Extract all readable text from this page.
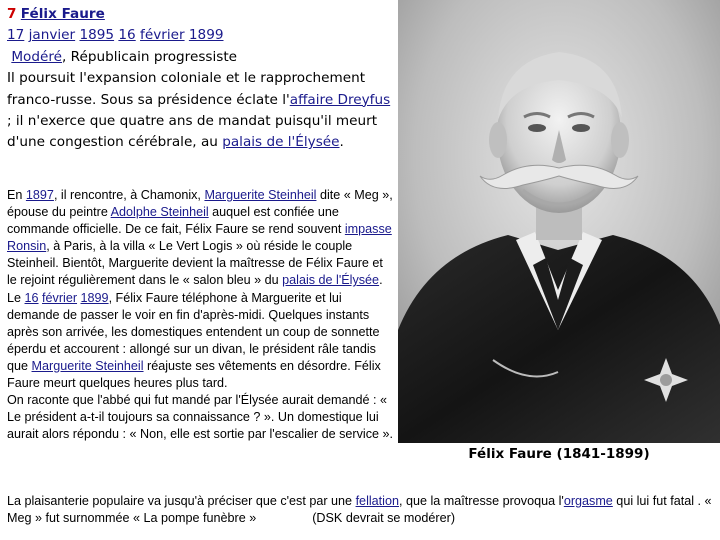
7 Félix Faure

17 janvier 1895 16 février 1899

Modéré, Républicain progressiste

Il poursuit l'expansion coloniale et le rapprochement franco-russe. Sous sa présidence éclate l'affaire Dreyfus ; il n'exerce que quatre ans de mandat puisqu'il meurt d'une congestion cérébrale, au palais de l'Élysée.

En 1897, il rencontre, à Chamonix, Marguerite Steinheil dite « Meg », épouse du peintre Adolphe Steinheil auquel est confiée une commande officielle. De ce fait, Félix Faure se rend souvent impasse Ronsin, à Paris, à la villa « Le Vert Logis » où réside le couple Steinheil. Bientôt, Marguerite devient la maîtresse de Félix Faure et le rejoint régulièrement dans le « salon bleu » du palais de l'Élysée.

Le 16 février 1899, Félix Faure téléphone à Marguerite et lui demande de passer le voir en fin d'après-midi. Quelques instants après son arrivée, les domestiques entendent un coup de sonnette éperdu et accourent : allongé sur un divan, le président râle tandis que Marguerite Steinheil réajuste ses vêtements en désordre. Félix Faure meurt quelques heures plus tard.

On raconte que l'abbé qui fut mandé par l'Élysée aurait demandé : « Le président a-t-il toujours sa connaissance ? ». Un domestique lui aurait alors répondu : « Non, elle est sortie par l'escalier de service ».

La plaisanterie populaire va jusqu'à préciser que c'est par une fellation, que la maîtresse provoqua l'orgasme qui lui fut fatal . « Meg » fut surnommée « La pompe funèbre »	(DSK devrait se modérer)

Félix Faure (1841-1899)
